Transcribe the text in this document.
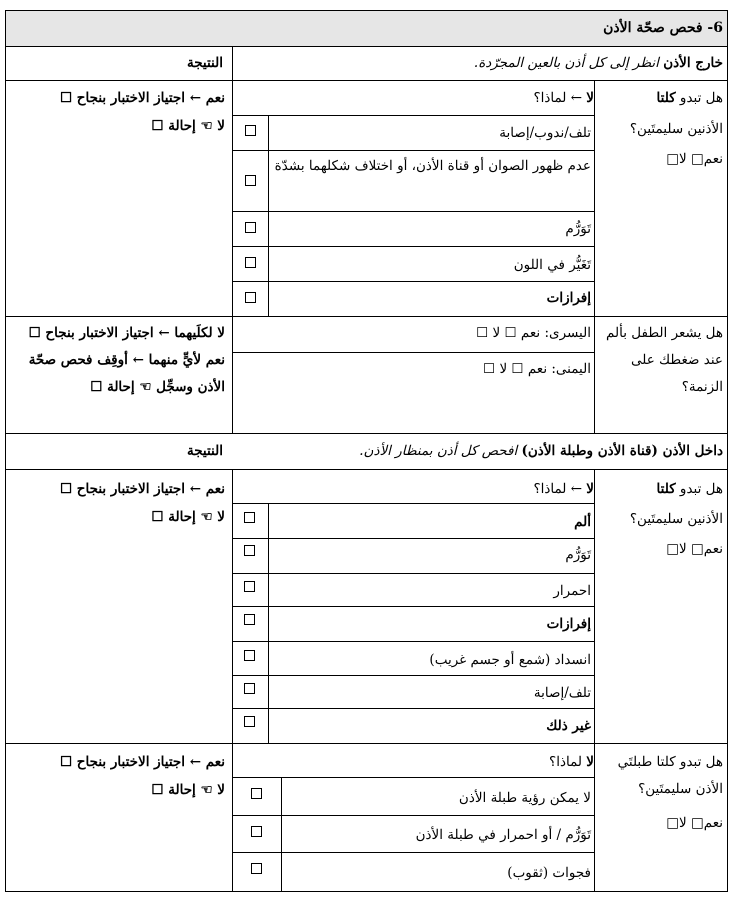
6- فحص صحّة الأذن
خارج الأذن انظر إلى كل أذن بالعين المجرّدة.
النتيجة
هل تبدو كلتا
الأذنين سليمتَين؟
نعم□ لا□
لا ← لماذا؟
تلف/ندوب/إصابة
عدم ظهور الصوان أو قناة الأذن، أو اختلاف شكلهما بشدّة
تَوَرُّم
تَغَيُّر في اللون
إفرازات
نعم ← اجتياز الاختبار بنجاح ☐
لا ☜ إحالة ☐
هل يشعر الطفل بألم عند ضغطك على الزنمة؟
اليسرى: نعم ☐ لا ☐
اليمنى: نعم ☐ لا ☐
لا لكلَيهما ← اجتياز الاختبار بنجاح ☐ نعم لأيٍّ منهما ← أوقِف فحص صحّة الأذن وسجِّل ☜ إحالة ☐
داخل الأذن (قناة الأذن وطبلة الأذن) افحص كل أذن بمنظار الأذن.
النتيجة
هل تبدو كلتا
الأذنين سليمتَين؟
نعم□ لا□
لا ← لماذا؟
ألم
تَوَرُّم
احمرار
إفرازات
انسداد (شمع أو جسم غريب)
تلف/إصابة
غير ذلك
نعم ← اجتياز الاختبار بنجاح ☐
لا ☜ إحالة ☐
هل تبدو كلتا طبلتَي الأذن سليمتَين؟
نعم□ لا□
لا لماذا؟
لا يمكن رؤية طبلة الأذن
تَوَرُّم / أو احمرار في طبلة الأذن
فجوات (ثقوب)
نعم ← اجتياز الاختبار بنجاح ☐
لا ☜ إحالة ☐
